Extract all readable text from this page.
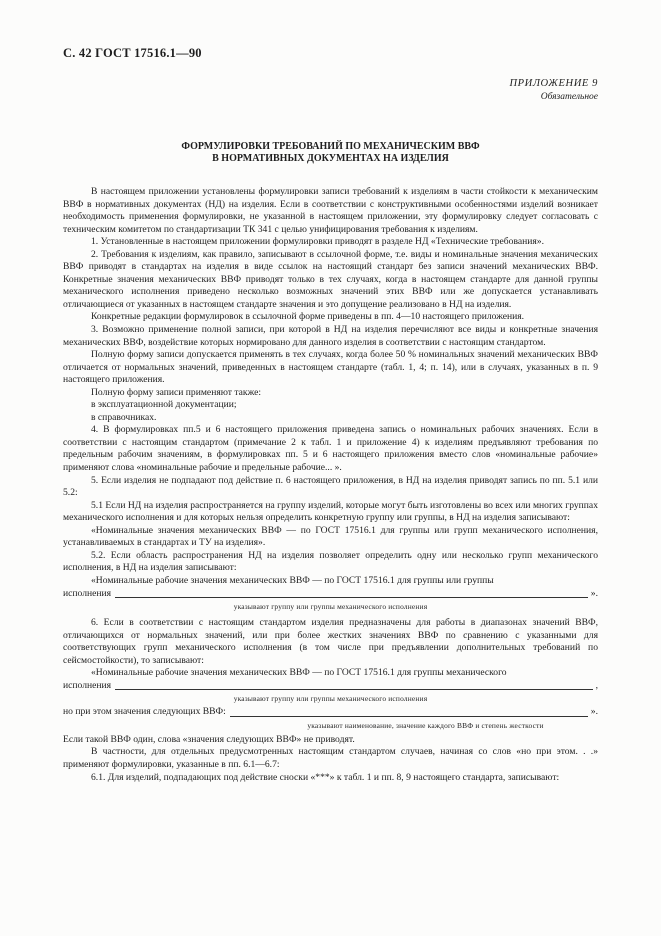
С. 42 ГОСТ 17516.1—90
ПРИЛОЖЕНИЕ 9
Обязательное
ФОРМУЛИРОВКИ ТРЕБОВАНИЙ ПО МЕХАНИЧЕСКИМ ВВФ
В НОРМАТИВНЫХ ДОКУМЕНТАХ НА ИЗДЕЛИЯ

В настоящем приложении установлены формулировки записи требований к изделиям в части стойкости к механическим ВВФ в нормативных документах (НД) на изделия. Если в соответствии с конструктивными особенностями изделий возникает необходимость применения формулировки, не указанной в настоящем приложении, эту формулировку следует согласовать с техническим комитетом по стандартизации ТК 341 с целью унифицирования требования к изделиям.

1. Установленные в настоящем приложении формулировки приводят в разделе НД «Технические требования».

2. Требования к изделиям, как правило, записывают в ссылочной форме, т.е. виды и номинальные значения механических ВВФ приводят в стандартах на изделия в виде ссылок на настоящий стандарт без записи значений механических ВВФ. Конкретные значения механических ВВФ приводят только в тех случаях, когда в настоящем стандарте для данной группы механического исполнения приведено несколько возможных значений этих ВВФ или же допускается устанавливать отличающиеся от указанных в настоящем стандарте значения и это допущение реализовано в НД на изделия.

Конкретные редакции формулировок в ссылочной форме приведены в пп. 4—10 настоящего приложения.

3. Возможно применение полной записи, при которой в НД на изделия перечисляют все виды и конкретные значения механических ВВФ, воздействие которых нормировано для данного изделия в соответствии с настоящим стандартом.

Полную форму записи допускается применять в тех случаях, когда более 50 % номинальных значений механических ВВФ отличается от нормальных значений, приведенных в настоящем стандарте (табл. 1, 4; п. 14), или в случаях, указанных в п. 9 настоящего приложения.

Полную форму записи применяют также:

в эксплуатационной документации;

в справочниках.

4. В формулировках пп.5 и 6 настоящего приложения приведена запись о номинальных рабочих значениях. Если в соответствии с настоящим стандартом (примечание 2 к табл. 1 и приложение 4) к изделиям предъявляют требования по предельным рабочим значениям, в формулировках пп. 5 и 6 настоящего приложения вместо слов «номинальные рабочие» применяют слова «номинальные рабочие и предельные рабочие... ».

5. Если изделия не подпадают под действие п. 6 настоящего приложения, в НД на изделия приводят запись по пп. 5.1 или 5.2:

5.1 Если НД на изделия распространяется на группу изделий, которые могут быть изготовлены во всех или многих группах механического исполнения и для которых нельзя определить конкретную группу или группы, в НД на изделия записывают:

«Номинальные значения механических ВВФ — по ГОСТ 17516.1 для группы или групп механического исполнения, устанавливаемых в стандартах и ТУ на изделия».

5.2. Если область распространения НД на изделия позволяет определить одну или несколько групп механического исполнения, в НД на изделия записывают:

«Номинальные рабочие значения механических ВВФ — по ГОСТ 17516.1 для группы или группы

исполнения	».
указывают группу или группы механического исполнения

6. Если в соответствии с настоящим стандартом изделия предназначены для работы в диапазонах значений ВВФ, отличающихся от нормальных значений, или при более жестких значениях ВВФ по сравнению с указанными для соответствующих групп механического исполнения (в том числе при предъявлении дополнительных требований по сейсмостойкости), то записывают:

«Номинальные рабочие значения механических ВВФ — по ГОСТ 17516.1 для группы механического

исполнения	,
указывают группу или группы механического исполнения
но при этом значения следующих ВВФ:	».
указывают наименование, значение каждого ВВФ и степень жесткости

Если такой ВВФ один, слова «значения следующих ВВФ» не приводят.

В частности, для отдельных предусмотренных настоящим стандартом случаев, начиная со слов «но при этом. . .» применяют формулировки, указанные в пп. 6.1—6.7:

6.1. Для изделий, подпадающих под действие сноски «***» к табл. 1 и пп. 8, 9 настоящего стандарта, записывают:
